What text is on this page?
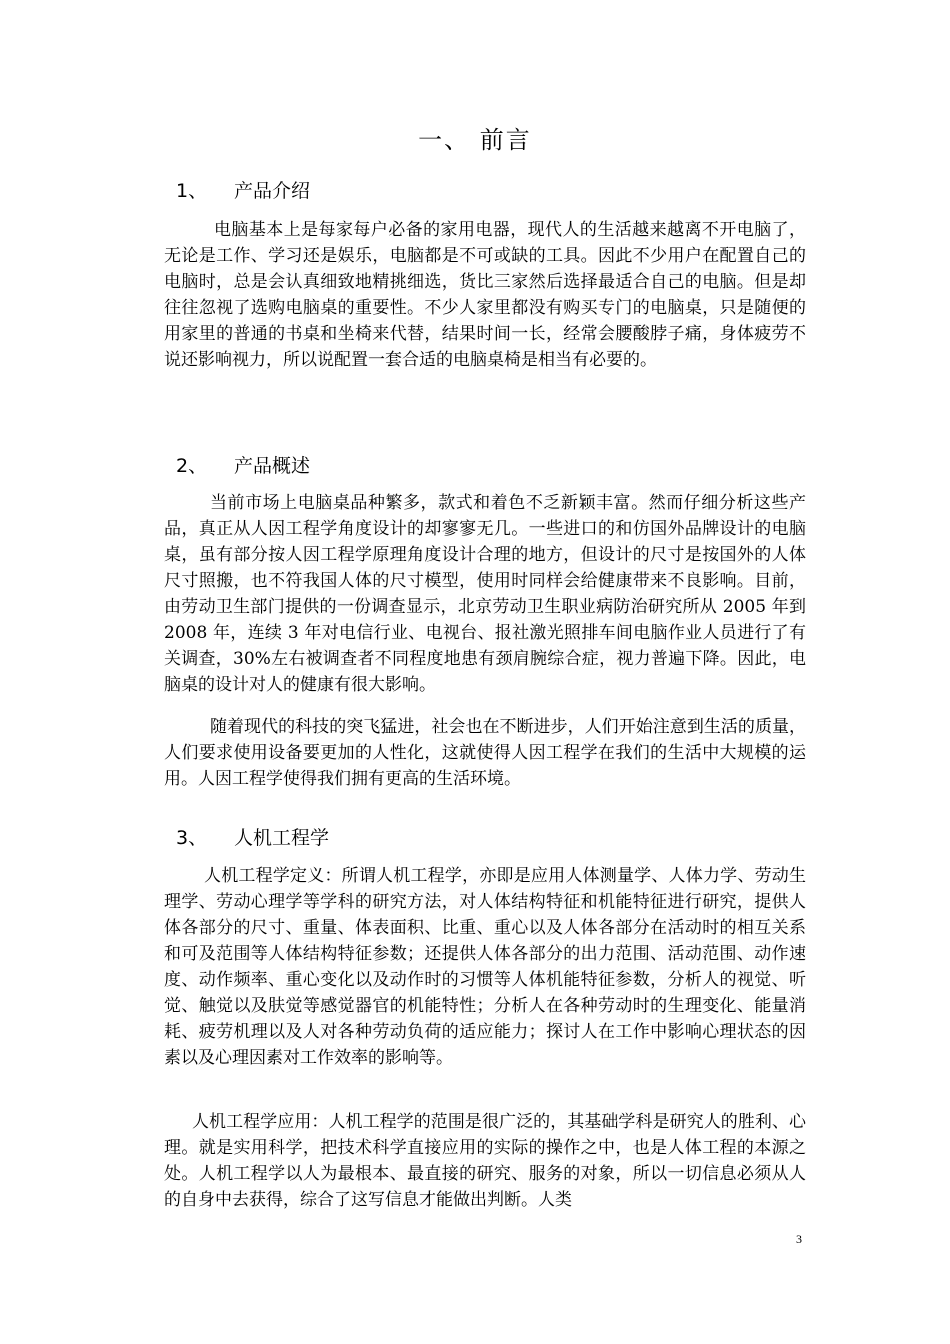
一、 前言
1、 产品介绍
电脑基本上是每家每户必备的家用电器，现代人的生活越来越离不开电脑了，无论是工作、学习还是娱乐，电脑都是不可或缺的工具。因此不少用户在配置自己的电脑时，总是会认真细致地精挑细选，货比三家然后选择最适合自己的电脑。但是却往往忽视了选购电脑桌的重要性。不少人家里都没有购买专门的电脑桌，只是随便的用家里的普通的书桌和坐椅来代替，结果时间一长，经常会腰酸脖子痛，身体疲劳不说还影响视力，所以说配置一套合适的电脑桌椅是相当有必要的。
2、 产品概述
当前市场上电脑桌品种繁多，款式和着色不乏新颖丰富。然而仔细分析这些产品，真正从人因工程学角度设计的却寥寥无几。一些进口的和仿国外品牌设计的电脑桌，虽有部分按人因工程学原理角度设计合理的地方，但设计的尺寸是按国外的人体尺寸照搬，也不符我国人体的尺寸模型，使用时同样会给健康带来不良影响。目前，由劳动卫生部门提供的一份调查显示，北京劳动卫生职业病防治研究所从 2005 年到 2008 年，连续 3 年对电信行业、电视台、报社激光照排车间电脑作业人员进行了有关调查，30%左右被调查者不同程度地患有颈肩腕综合症，视力普遍下降。因此，电脑桌的设计对人的健康有很大影响。
随着现代的科技的突飞猛进，社会也在不断进步，人们开始注意到生活的质量，人们要求使用设备要更加的人性化，这就使得人因工程学在我们的生活中大规模的运用。人因工程学使得我们拥有更高的生活环境。
3、 人机工程学
人机工程学定义：所谓人机工程学，亦即是应用人体测量学、人体力学、劳动生理学、劳动心理学等学科的研究方法，对人体结构特征和机能特征进行研究，提供人体各部分的尺寸、重量、体表面积、比重、重心以及人体各部分在活动时的相互关系和可及范围等人体结构特征参数；还提供人体各部分的出力范围、活动范围、动作速度、动作频率、重心变化以及动作时的习惯等人体机能特征参数，分析人的视觉、听觉、触觉以及肤觉等感觉器官的机能特性；分析人在各种劳动时的生理变化、能量消耗、疲劳机理以及人对各种劳动负荷的适应能力；探讨人在工作中影响心理状态的因素以及心理因素对工作效率的影响等。
人机工程学应用：人机工程学的范围是很广泛的，其基础学科是研究人的胜利、心理。就是实用科学，把技术科学直接应用的实际的操作之中，也是人体工程的本源之处。人机工程学以人为最根本、最直接的研究、服务的对象，所以一切信息必须从人的自身中去获得，综合了这写信息才能做出判断。人类
3
